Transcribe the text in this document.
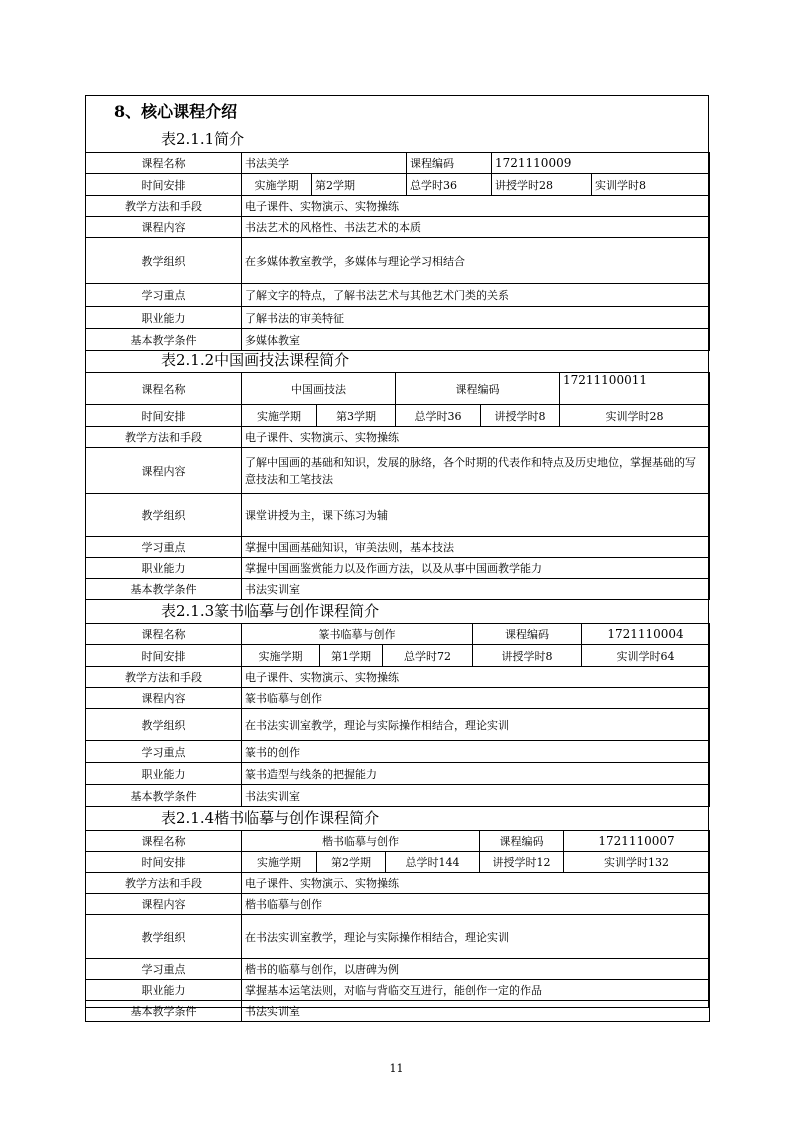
8、核心课程介绍
表2.1.1简介
课程名称	书法美学		课程编码	1721110009	
时间安排	实施学期	第2学期	总学时36	讲授学时28	实训学时8
教学方法和手段	电子课件、实物演示、实物操练				
课程内容	书法艺术的风格性、书法艺术的本质				
教学组织	在多媒体教室教学，多媒体与理论学习相结合				
学习重点	了解文字的特点，了解书法艺术与其他艺术门类的关系				
职业能力	了解书法的审美特征				
基本教学条件	多媒体教室				
表2.1.2中国画技法课程简介
课程名称	中国画技法		课程编码		17211100011
时间安排	实施学期	第3学期	总学时36	讲授学时8	实训学时28
教学方法和手段	电子课件、实物演示、实物操练				
课程内容	了解中国画的基础和知识，发展的脉络，各个时期的代表作和特点及历史地位，掌握基础的写意技法和工笔技法				
教学组织	课堂讲授为主，课下练习为辅				
学习重点	掌握中国画基础知识，审美法则，基本技法				
职业能力	掌握中国画鉴赏能力以及作画方法，以及从事中国画教学能力				
基本教学条件	书法实训室				
表2.1.3篆书临摹与创作课程简介
课程名称	篆书临摹与创作			课程编码	1721110004
时间安排	实施学期	第1学期	总学时72	讲授学时8	实训学时64
教学方法和手段	电子课件、实物演示、实物操练				
课程内容	篆书临摹与创作				
教学组织	在书法实训室教学，理论与实际操作相结合，理论实训				
学习重点	篆书的创作				
职业能力	篆书造型与线条的把握能力				
基本教学条件	书法实训室				
表2.1.4楷书临摹与创作课程简介
课程名称	楷书临摹与创作			课程编码	1721110007
时间安排	实施学期	第2学期	总学时144	讲授学时12	实训学时132
教学方法和手段	电子课件、实物演示、实物操练				
课程内容	楷书临摹与创作				
教学组织	在书法实训室教学，理论与实际操作相结合，理论实训				
学习重点	楷书的临摹与创作，以唐碑为例				
职业能力	掌握基本运笔法则，对临与背临交互进行，能创作一定的作品				
基本教学条件	书法实训室				
11
